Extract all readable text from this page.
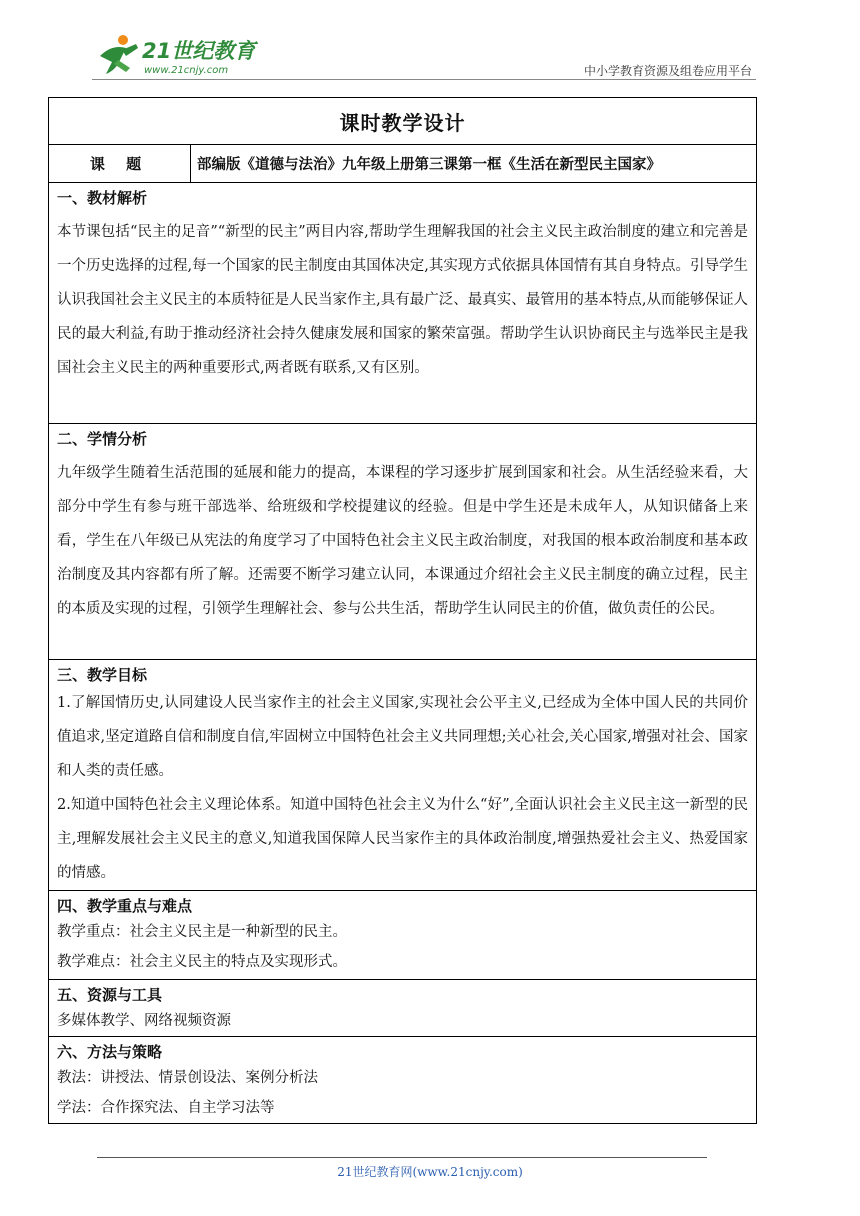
21世纪教育
www.21cnjy.com	中小学教育资源及组卷应用平台
课时教学设计
课 题	部编版《道德与法治》九年级上册第三课第一框《生活在新型民主国家》

一、教材解析
本节课包括“民主的足音”“新型的民主”两目内容,帮助学生理解我国的社会主义民主政治制度的建立和完善是一个历史选择的过程,每一个国家的民主制度由其国体决定,其实现方式依据具体国情有其自身特点。引导学生认识我国社会主义民主的本质特征是人民当家作主,具有最广泛、最真实、最管用的基本特点,从而能够保证人民的最大利益,有助于推动经济社会持久健康发展和国家的繁荣富强。帮助学生认识协商民主与选举民主是我国社会主义民主的两种重要形式,两者既有联系,又有区别。

二、学情分析
九年级学生随着生活范围的延展和能力的提高，本课程的学习逐步扩展到国家和社会。从生活经验来看，大部分中学生有参与班干部选举、给班级和学校提建议的经验。但是中学生还是未成年人，从知识储备上来看，学生在八年级已从宪法的角度学习了中国特色社会主义民主政治制度，对我国的根本政治制度和基本政治制度及其内容都有所了解。还需要不断学习建立认同，本课通过介绍社会主义民主制度的确立过程，民主的本质及实现的过程，引领学生理解社会、参与公共生活，帮助学生认同民主的价值，做负责任的公民。

三、教学目标
1.了解国情历史,认同建设人民当家作主的社会主义国家,实现社会公平主义,已经成为全体中国人民的共同价值追求,坚定道路自信和制度自信,牢固树立中国特色社会主义共同理想;关心社会,关心国家,增强对社会、国家和人类的责任感。
2.知道中国特色社会主义理论体系。知道中国特色社会主义为什么“好”,全面认识社会主义民主这一新型的民主,理解发展社会主义民主的意义,知道我国保障人民当家作主的具体政治制度,增强热爱社会主义、热爱国家的情感。

四、教学重点与难点
教学重点：社会主义民主是一种新型的民主。
教学难点：社会主义民主的特点及实现形式。

五、资源与工具
多媒体教学、网络视频资源

六、方法与策略
教法：讲授法、情景创设法、案例分析法
学法：合作探究法、自主学习法等
21世纪教育网(www.21cnjy.com)
